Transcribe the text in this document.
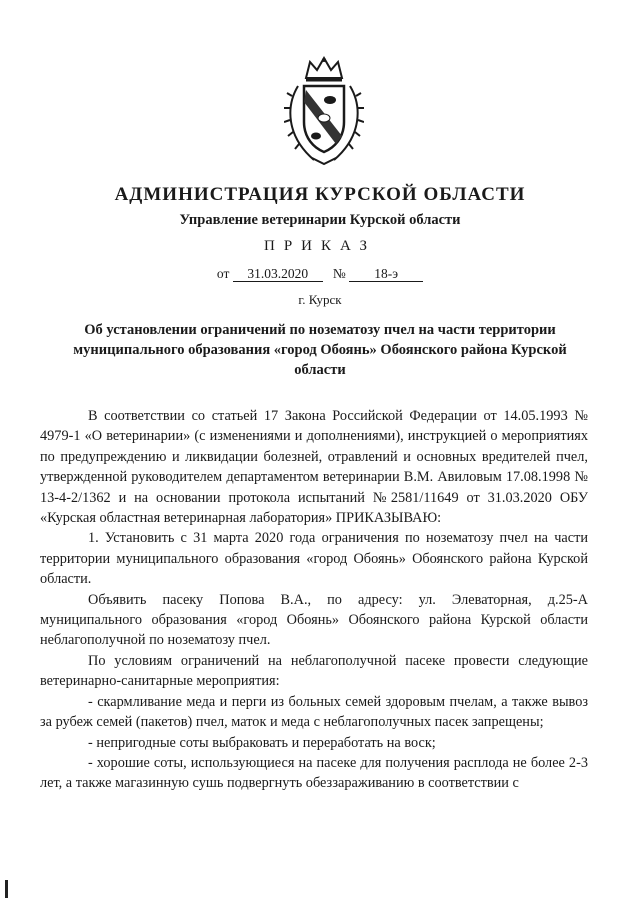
АДМИНИСТРАЦИЯ КУРСКОЙ ОБЛАСТИ
Управление ветеринарии Курской области
ПРИКАЗ
от 31.03.2020 № 18-э
г. Курск
Об установлении ограничений по нозематозу пчел на части территории муниципального образования «город Обоянь» Обоянского района Курской области

В соответствии со статьей 17 Закона Российской Федерации от 14.05.1993 № 4979-1 «О ветеринарии» (с изменениями и дополнениями), инструкцией о мероприятиях по предупреждению и ликвидации болезней, отравлений и основных вредителей пчел, утвержденной руководителем департаментом ветеринарии В.М. Авиловым 17.08.1998 № 13-4-2/1362 и на основании протокола испытаний №2581/11649 от 31.03.2020 ОБУ «Курская областная ветеринарная лаборатория» ПРИКАЗЫВАЮ:

1. Установить с 31 марта 2020 года ограничения по нозематозу пчел на части территории муниципального образования «город Обоянь» Обоянского района Курской области.

Объявить пасеку Попова В.А., по адресу: ул. Элеваторная, д.25-А муниципального образования «город Обоянь» Обоянского района Курской области неблагополучной по нозематозу пчел.

По условиям ограничений на неблагополучной пасеке провести следующие ветеринарно-санитарные мероприятия:

- скармливание меда и перги из больных семей здоровым пчелам, а также вывоз за рубеж семей (пакетов) пчел, маток и меда с неблагополучных пасек запрещены;

- непригодные соты выбраковать и переработать на воск;

- хорошие соты, использующиеся на пасеке для получения расплода не более 2-3 лет, а также магазинную сушь подвергнуть обеззараживанию в соответствии с
